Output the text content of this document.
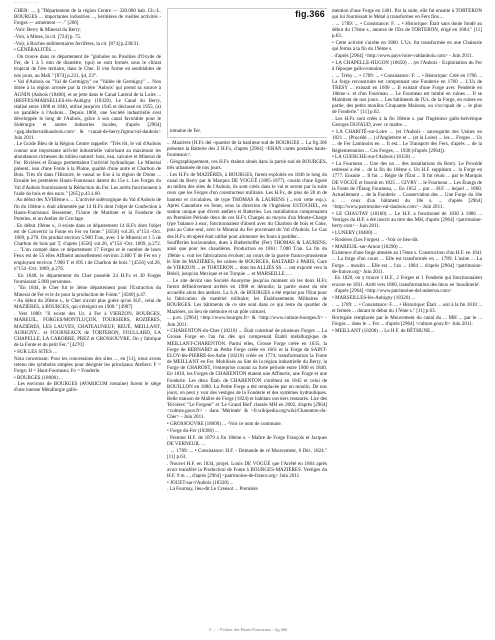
... ... ... ... ...

CHER: ..., § "Département de la région Centre — 320.000 hab. Ch.-L. BOURGES ... importantes industries ..., héritières de vieilles activités -Forges — armement — ." [206]

-Voir: Berry & Mineral du Berry.

-Voir, à Mines, la cit. [724] p. 75.

-Voir, à Roches sédimentaires ferrifères, la cit. [874] p.230/31.

• GÉNÉRALITÉS ...

. On trouve dans ce département de "globules ou Pisolites d'Oxyde de Fer, de 1 à 5 mm de diamètre, (qui) se sont formés sous le climat tropical de l'ère tertiaire, dans le Cher. Il s'en forme en semblables de nos jours, au Mali." [874] p.231, §4, 23°.

• Val d'Aubois ou "Val de Germigny" ou "Vallée de Germigny" ... Non dotée à la région arrosée par la rivière 'Aubois' qui prend sa source à AGNIN (Aubois (18400), et se jette dans le Canal Latéral de la Loire ... (BEFFES/MARSELLES-lès-Aubigny (18320). Le Canal du Berry, réalisé entre 1808 et 1840, utilisé jusqu'en 1945 et déclassé en 1955, (a) un parallèle à l'Aubois... Depuis 1860, une Société industrielle s'est développée le long de l'Aubois, grâce à son canal favorable pour le Sidérurgie et autres industries locales, d'après [2964] <gag.idsduevalduaubois.com> & <canal-de-berry.frgmu/val-daubois> Juin 2011.

. Le Guide Bleu de la Région Centre rappelle: "Très tôt, le val d'Aubois connut une importante activité industrielle valorisant au maximum les abondances richesses du milieu naturel: bois, eau, calcaire et Minerai de Fer. Rivières et Étangs permettaient l'activité hydraulique. Le Minerai présent, issu d'une Fonte à la Plaine, qualité d'une autre et Charbon de Bois. Très tôt dans l'Histoire, le vassal se fixe à la région de Dome ... Ensuite les premières Hauts-Fourneaux datent du 15e s. Les Forges du Val d'Aubois fournissaient la Réduction du Fer. Les arrêts fonctionnent à l'aide du bois et des eaux." [265] p.43 à 60.

. Au début des XVIIIème s. ... L'activité sidérurgique du Val d'Aubois de fin du 18ème s. était alimentée par 14 H.Fx dont l'objet de Confection à Hauts-Fourneaux Bessemer, l'Usine de Martinet et la Fonderie de Poteries, et un Atelier de Cerclage.

. En début 19ème s., il existe dans ce département 14 H.Fx dont l'objet est de Convertir la Fonte en Fer en fonte." [4556] vol.26, n°154 -Oct. 1809, p.270. On produit environ 5.900 T/an, avec 3 le Minerai et 1 5 de Charbon de bois par T, d'après [4556] vol.26, n°154 -Oct. 1809, p.272. ... "L'un compté dans ce département 17 Forges et le nombre de leurs Feux est de 55 elles Affinent annuellement environ 2.400 T de Fer en y employant environ 7.900 T et 695 t de Charbon de bois." [4556] vol.26, n°154 -Oct. 1809, p.276.

. En 1848, le département du Cher possède 24 H.Fx et 30 Forges fournissant 5.000 personnes.

. "En 1844, le Cher fut le 3ème département pour l'Extraction du Minerai de Fer et le 4e pour la production de Fonte." [4560] p.47.

• Au début du 20ème s., le Cher n'avait plus guère qu'un H.F., celui de MAZIÈRES, à BOURGES, qui s'éteignit en 1908." [4907]

. Vers 1880: "Il existe des Uz. à Fer à VIERZON, BOURGES, MAREUIL, FORGES/MONTLUÇON, TOURSIERS, ROZIÈRES, MAZIÈRES, LES LAUVES, CHATEAUNEUF, REUÉ, MEILLANT, AUBIGNY... et FOURNEAUX de TORTERON, FOULLARD, LA CHAPELLE, LA CAROBRE, PREZ et GROSSOUVRE. On y fabrique de la Fonte et du petit Fer." [4270]

• SUR LES SITES ...

Nota concernant: Pour les concessions des sites ..., en [11], nous avons retenu des symboles simples pour désigner les principaux Ateliers: F = Forge; H = Haut-Fourneau; Fo = Fonderie.

• BOURGES (18000) ...

. Les environs de BOURGES (AVARICUM romaine) furent le siège d'une intense Métallurgie gallo-

fig.366
tomaine de Fer.

... Mazières (H.Fx del -quartier de la banlieue sud de BOURGES ... La fig.366 présente la Batterie des 2 H.Fx, d'après [2964] <ERAN cartes postales hauts-fourneaux>.

. Géographiquement, ces H.Fx étaient situés dans la partie sud de BOURGES, très urbanisée de nos jours.

. Les H.Fx de MAZIÈRES, à BOURGES, furent exploités en 1846 le long du canal du Berry par le Marquis DE VOGÜÉ (1805-1877), cousin d'une lignée au milieu des sites de l'Aubois, ils sont créés dans le val et seront par la suite ceux que les Forges d'un constructeur militaire. Les H.Fx, de plus de 20 m de hauteur et circulaires, de type THOMAS & LAURENS (→voir cette exp.). Après Cannelure en fonte, sous la direction de l'Ingénieur ESTOCHEL, en station unique que divers ateliers et Batteries. Les installations comprenaient en Première Période deux de ces H.Fx Chargés au moyen d'un Monte-Charge type 'balance à eau', fonctionnaient d'abord avec du Charbon de bois et Coke, puis au Coke seul, avec le Minerai du Fer provenant du Val d'Aubois. Le Gaz des H.Fx récupéré était utilisé pour alimenter les fours à puddler...

Souffleries horizontales, dues à Rieberhoffer (Fer) THOMAS & LAURENS, ainsi que pour les chaudières. Production en 1861: 7.000 T/an. La fin du 19ème s. voit les fabrications évoluer; au cours de la guerre franco-prussienne le Site de MAZIÈRES, les usines de BOURGES, BALTARD à PARIS, Gare de VIERZON ... et TORTERON ... dont les ALLIÉS SS. ... ont exporté vers la Brésil, jusqu'au Mexique et en Turquie ... et MARSEILLE ... .

... Le site devint une Société Anonyme jusqu'au moment où les deux H.Fx furent définitivement arrêtés en 1908 et démolis; la partie ouest du site accueille alors des ateliers. La S.A. de BOURGES a été reprise par l'Etat pour la fabrication de matériel militaire; les Établissements Militaires de BOURGES. Les bâtiments de ce site sont dans ce qui reste du quartier de Mazières, un lieu de mémoire et un pôle culturel.

... p.ex. [2964] <http://www.bourges.fr> & <http://www.culture-bourges.fr> - Juin 2011.

• CHARENTON-du-Cher (18210) ... Était constitué de plusieurs Forges ... La Grosse Forge en l'an fut dès qui comprenait Établi métallurgique de MEILLANT-CHARENTON. Parmi elles, Grosse Forge créée en 1635, la Forge de BERNARD au Petite Forge créée en 1661 et la Forge de SAINT-ELOY-lès-PIERRE-les-Aube (18210) créée en 1774, transformation la Fonte de MEILLANT en Fer. Mobilisés au Site de la région industrielle du Berry, la Forge de CHAROST, l'entreprise connut sa forte période entre 1800 et 1840. En 1810, les Forges de CHARENTON étaient une Affinerie, une Forge et une Fonderie. Les deux Étab. de CHARENTON s'arrêtent en 1845 et celui de ROUILLON en 1880. La Petite Forge a été remplacée par un moulin. De nos jours, on peut y voir des vestiges de la Fonderie et des systèmes hydrauliques. Belle maison de Maître de Forge (1824) et habitats ouvriers restaurés. Lire des 'Rivières' "Le Forgeur" et 'Le Grand Bief' classés MH en 2002, d'après [2964] <culture.gouv.fr> - dans 'Mérimée' & <fr.wikipedia.org/wiki/Charenton-du-Cher> - Juin 2011.

• GROSSOUVRE (18600) ... -Voir ce nom de commune.

• Forge du-Fer (18380) ...

. Premier H.F. de 1879 à fin 18ème s. - Maître de Forge François et Jacques DE VERNEUIL ...

. → 1789: ... • Consistance: H.F. - Demande de ré Mouvement, 6 Déc. 1824." [11] p.63.

. Nouvel H.F. en 1834, projet. Louis DE VOGÜÉ que l'Arrêté en 1864 après avoir transféré la Production de Fonte à BOURGES-MAZIÈRES. Vestiges du H.F. 9 m ..., d'après [2964] <patrimoine-de-france.org> Juin 2011.

• JOUET-sur-l'Aubois (18320) ...

. La Fournay, lieu-dit Le Creusot ... Première

mention d'une Forge en 1401. Par la suite, elle fut ensuite à TORTERON qui lui fournissait le Métal à transformer en Fers fins ...

. → 1789: ... • Consistance: F. ... • Historique: Était sans doute fondé au début du 17ème s., annexe de l'Ets de TORTERON, érigé en 1684." [11] p.63.

• Cette activité s'arrête en 1860. L'Us. fut transformée en une Chaiserie qui ferma à la fin du 19ème s.

. d'après [2964] <http://www.pays-loire-valdaubois.com> - Juin 2011.

• LA CHAPELLE-HUGON (18650) ... (et l'Aubois - Exploitation du Fer à l'époque gallo-romaine.

. → Trésy ... • 1789: ... • Consistance: F. ... • Historique: Créé en 1706 ... La forge reconstruite est comprenant une Fonderie en 1760 ... L'Us de TRESY ... existait en 1600 ... Il existait d'une Forge avec Fenderie en 18ème s. et d'un Fourneau ... Le Fourneau est tombé en ruines ... Il se Maintient de nos jours ... Les bâtiments de l'Us. de la Forge, en ruines en partie, des petits moulins Cinquante Maisons, ou s'occupait de ... le plus de Fonderie." [11] p.62.

. Les H.Fx sont créés à la fin 18ème s. par l'Ingénieur gallo-helvétique Georges DUFAUD, avec ce maître ...

• LA CHARITÉ-sur-Loire ... (et l'Aubois - sauvegarde des Usines en 1821 ... (Procédé ... ) d'Angleterre et ... (et la Loire) ... les ... Forges ... Us ... de Fer Laminoirs en ... Il est... Le Transport des Fers, d'après ... de la Réglementation ... Ces Forges, ... 1930 (d'après [2964]).

• LA GUERCHE-sur-l'Aubois (18150) ...

• La Fourneau ... Une des un ... des installations du Berry. Le Procédé redressé a été ... de la fin du 18ème s. Un H.F. suppléant ... la Forge en 1777. Ensuite ... Il fut ... Régie de l'État ... Il fut réuni ... par le Marquis DE VOGÜÉ et fournit en 1825 ... GIVRY ... le Fourneau ... Les Étangs de la Fonte de l'Étang Fourneau, ... En 1852 ... par ... H.F. ... lequel ... 1860. Actuellement ... de la Fonderie ... Conservation des ... Une Forge du 18e s. ... ceux d'un bâtiment du 18e s. ... d'après [2964] <http://www.patrimoine-val-daubois.com> - Juin 2011.

• LE CHAUTAY (18160) ... Le H.F. a fonctionné de 1830 à 1886 ... Vestiges du H.F. a été inscrit au titre des MH, d'après [2964] <patrimoine-berry.com> - Juin 2011.

• LUNERY (18400) ...

• Rosières (Les Forges) ... -Voir ce lieu-dit.

• MAREUIL-sur-Arnon (18290) ...

Existence d'une forge attestée au 17ème s. Construction d'un H.F. en 1641 ... La forge d'un cours ... Elle est transformée en ... 1789. L'usine ... La Forge ... moulin ... Elle est ... l'an ... 1884 ... d'après [2964] <patrimoine-de-france.org> Juin 2011.

. En 1820, on y trouve 1 H.F., 2 Forges et 1 Fenderie qui fonctionnaient encore en 1831. Arrêt vers 1860, transformation des lieux en 'moulinerie'.

. d'après [2964] <http://www.patrimoine-del-auberon.com>

• MARSEILLES-lès-Aubigny (18320) ...

. → 1789: ... • Consistance: F. ... • Historique: Était ... soit à la fin 1810 ... et fermée ... durant le début du 17ème s." [11] p.63.

Borregale remplacée par le Mouvement du canal du ... MH ... par le ... Forges ... dans le ... Fer ... d'après [2964] <culture.gouv.fr> Juin 2011.

• MEILLANT (18200) ... Le H.F. de BÉTHUNE...

© ... - Fichier des Hauts-Fourneaux - fig.366
